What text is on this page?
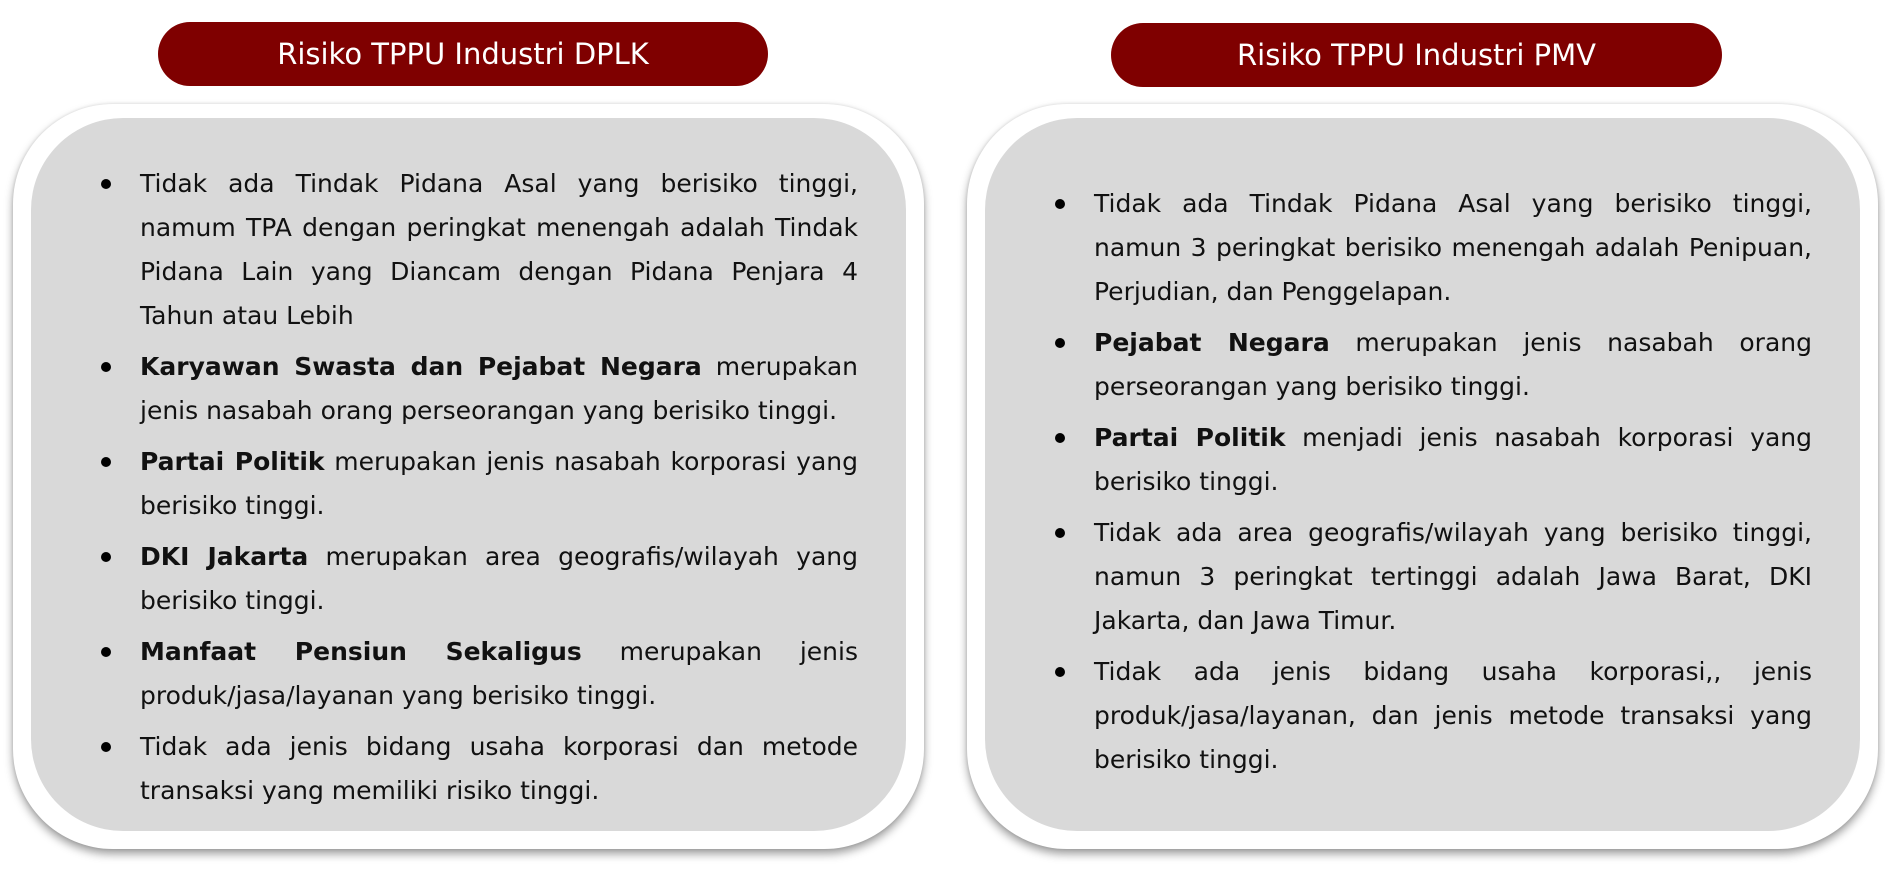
Risiko TPPU Industri DPLK	Risiko TPPU Industri PMV
Tidak ada Tindak Pidana Asal yang berisiko tinggi, namum TPA dengan peringkat menengah adalah Tindak Pidana Lain yang Diancam dengan Pidana Penjara 4 Tahun atau Lebih
Karyawan Swasta dan Pejabat Negara merupakan jenis nasabah orang perseorangan yang berisiko tinggi.
Partai Politik merupakan jenis nasabah korporasi yang berisiko tinggi.
DKI Jakarta merupakan area geografis/wilayah yang berisiko tinggi.
Manfaat Pensiun Sekaligus merupakan jenis produk/jasa/layanan yang berisiko tinggi.
Tidak ada jenis bidang usaha korporasi dan metode transaksi yang memiliki risiko tinggi.
Tidak ada Tindak Pidana Asal yang berisiko tinggi, namun 3 peringkat berisiko menengah adalah Penipuan, Perjudian, dan Penggelapan.
Pejabat Negara merupakan jenis nasabah orang perseorangan yang berisiko tinggi.
Partai Politik menjadi jenis nasabah korporasi yang berisiko tinggi.
Tidak ada area geografis/wilayah yang berisiko tinggi, namun 3 peringkat tertinggi adalah Jawa Barat, DKI Jakarta, dan Jawa Timur.
Tidak ada jenis bidang usaha korporasi,, jenis produk/jasa/layanan, dan jenis metode transaksi yang berisiko tinggi.
